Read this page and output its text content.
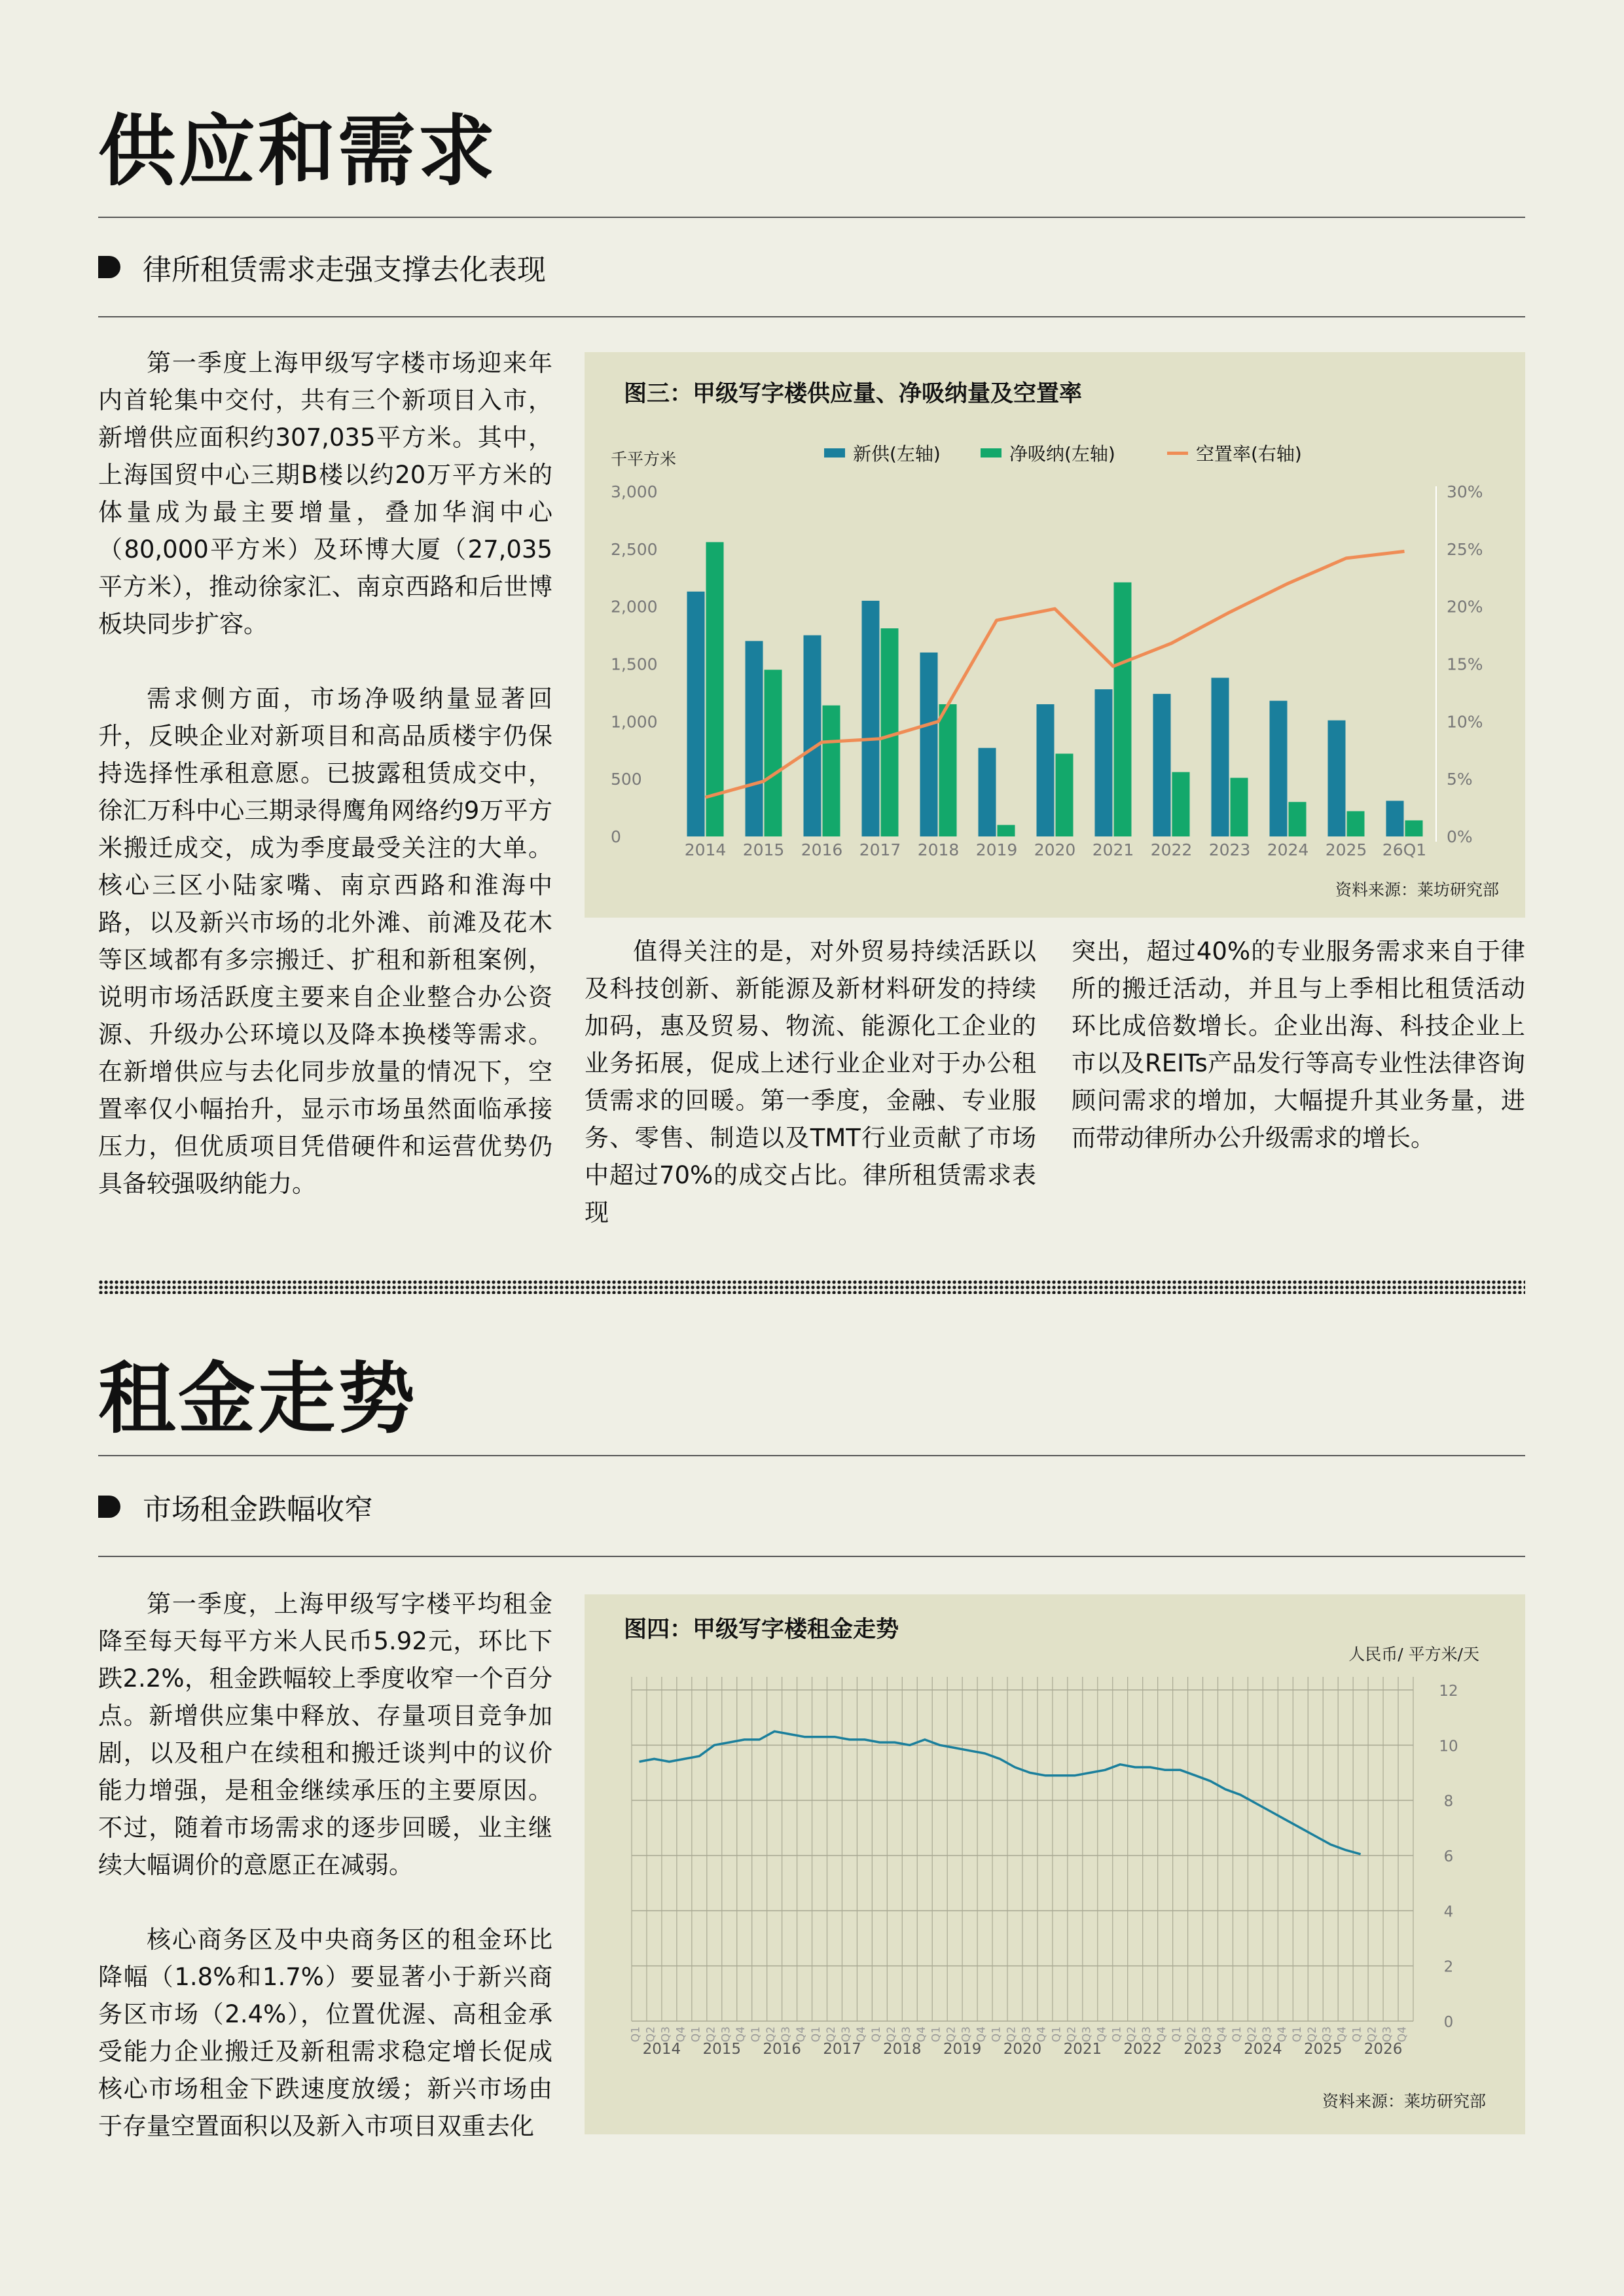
供应和需求
律所租赁需求走强支撑去化表现

第一季度上海甲级写字楼市场迎来年内首轮集中交付，共有三个新项目入市，新增供应面积约307,035平方米。其中，上海国贸中心三期B楼以约20万平方米的体量成为最主要增量，叠加华润中心（80,000平方米）及环博大厦（27,035平方米），推动徐家汇、南京西路和后世博板块同步扩容。

需求侧方面，市场净吸纳量显著回升，反映企业对新项目和高品质楼宇仍保持选择性承租意愿。已披露租赁成交中，徐汇万科中心三期录得鹰角网络约9万平方米搬迁成交，成为季度最受关注的大单。核心三区小陆家嘴、南京西路和淮海中路，以及新兴市场的北外滩、前滩及花木等区域都有多宗搬迁、扩租和新租案例，说明市场活跃度主要来自企业整合办公资源、升级办公环境以及降本换楼等需求。在新增供应与去化同步放量的情况下，空置率仅小幅抬升，显示市场虽然面临承接压力，但优质项目凭借硬件和运营优势仍具备较强吸纳能力。

图三：甲级写字楼供应量、净吸纳量及空置率
资料来源：莱坊研究部
新供(左轴)	净吸纳(左轴)	空置率(右轴)
千平方米
0
500
1,000
1,500
2,000
2,500
3,000
0%
5%
10%
15%
20%
25%
30%
2014 2015 2016 2017 2018 2019 2020 2021 2022 2023 2024 2025 26Q1

值得关注的是，对外贸易持续活跃以及科技创新、新能源及新材料研发的持续加码，惠及贸易、物流、能源化工企业的业务拓展，促成上述行业企业对于办公租赁需求的回暖。第一季度，金融、专业服务、零售、制造以及TMT行业贡献了市场中超过70%的成交占比。律所租赁需求表现

突出，超过40%的专业服务需求来自于律所的搬迁活动，并且与上季相比租赁活动环比成倍数增长。企业出海、科技企业上市以及REITs产品发行等高专业性法律咨询顾问需求的增加，大幅提升其业务量，进而带动律所办公升级需求的增长。

租金走势
市场租金跌幅收窄

第一季度，上海甲级写字楼平均租金降至每天每平方米人民币5.92元，环比下跌2.2%，租金跌幅较上季度收窄一个百分点。新增供应集中释放、存量项目竞争加剧，以及租户在续租和搬迁谈判中的议价能力增强，是租金继续承压的主要原因。不过，随着市场需求的逐步回暖，业主继续大幅调价的意愿正在减弱。

核心商务区及中央商务区的租金环比降幅（1.8%和1.7%）要显著小于新兴商务区市场（2.4%），位置优渥、高租金承受能力企业搬迁及新租需求稳定增长促成核心市场租金下跌速度放缓；新兴市场由于存量空置面积以及新入市项目双重去化

图四：甲级写字楼租金走势
资料来源：莱坊研究部
人民币/ 平方米/天
0
2
4
6
8
10
12
Q1 Q2 Q3 Q4 Q1 Q2 Q3 Q4 Q1 Q2 Q3 Q4 Q1 Q2 Q3 Q4 Q1 Q2 Q3 Q4 Q1 Q2 Q3 Q4 Q1 Q2 Q3 Q4 Q1 Q2 Q3 Q4 Q1 Q2 Q3 Q4 Q1 Q2 Q3 Q4 Q1 Q2 Q3 Q4 Q1 Q2 Q3 Q4 Q1 Q2 Q3 Q4
2014 2015 2016 2017 2018 2019 2020 2021 2022 2023 2024 2025 2026
